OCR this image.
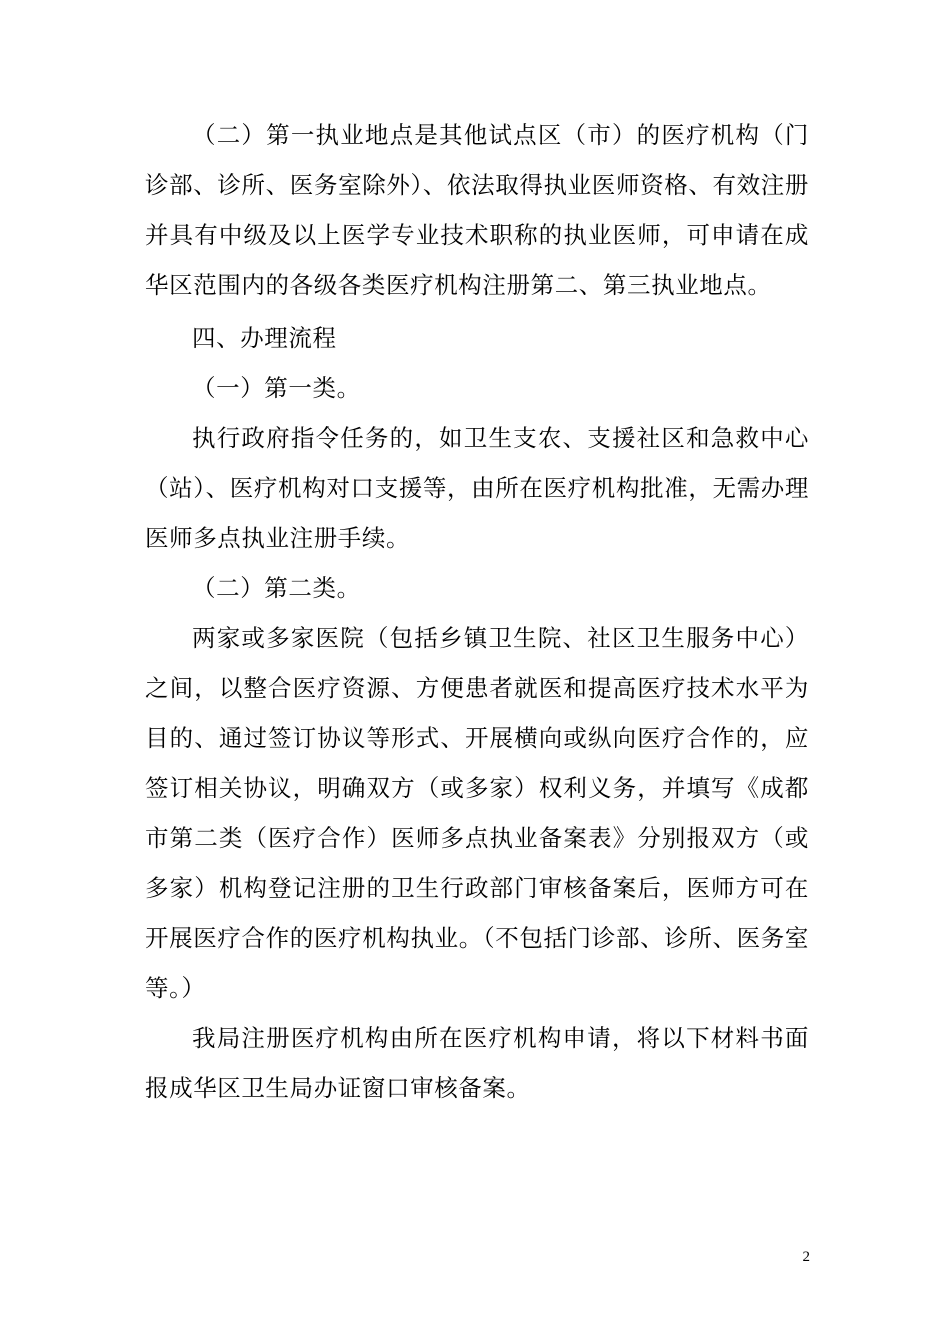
（二）第一执业地点是其他试点区（市）的医疗机构（门诊部、诊所、医务室除外）、依法取得执业医师资格、有效注册并具有中级及以上医学专业技术职称的执业医师，可申请在成华区范围内的各级各类医疗机构注册第二、第三执业地点。

四、办理流程

（一）第一类。

执行政府指令任务的，如卫生支农、支援社区和急救中心（站）、医疗机构对口支援等，由所在医疗机构批准，无需办理医师多点执业注册手续。

（二）第二类。

两家或多家医院（包括乡镇卫生院、社区卫生服务中心）之间，以整合医疗资源、方便患者就医和提高医疗技术水平为目的、通过签订协议等形式、开展横向或纵向医疗合作的，应签订相关协议，明确双方（或多家）权利义务，并填写《成都市第二类（医疗合作）医师多点执业备案表》分别报双方（或多家）机构登记注册的卫生行政部门审核备案后，医师方可在开展医疗合作的医疗机构执业。（不包括门诊部、诊所、医务室等。）

我局注册医疗机构由所在医疗机构申请，将以下材料书面报成华区卫生局办证窗口审核备案。

2
